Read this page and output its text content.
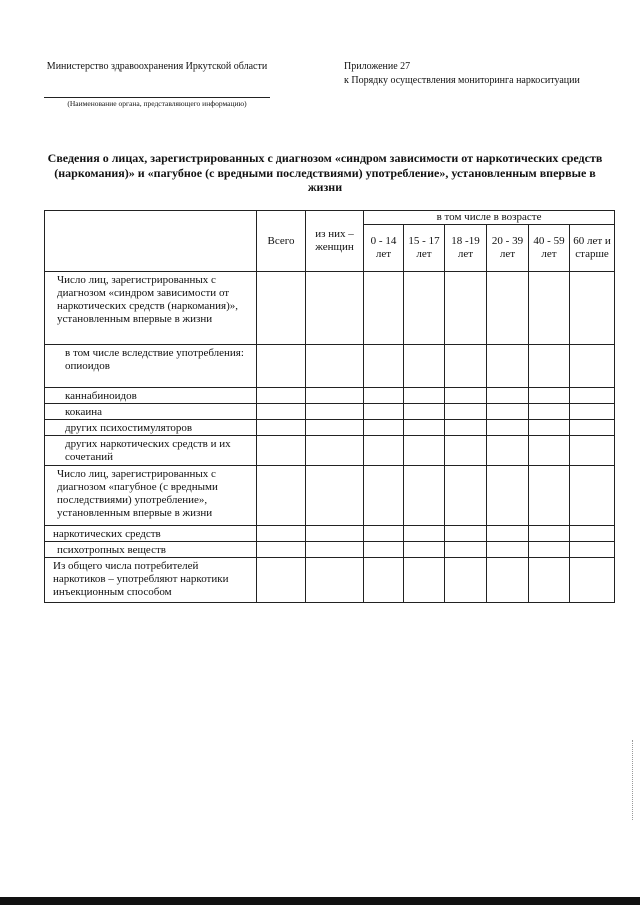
Министерство здравоохранения Иркутской области
(Наименование органа, представляющего информацию)
Приложение 27
к Порядку осуществления мониторинга наркоситуации
Сведения о лицах, зарегистрированных с диагнозом «синдром зависимости от наркотических средств (наркомания)» и «пагубное (с вредными последствиями) употребление», установленным впервые в жизни
	Всего	из них – женщин	в том числе в возрасте					
			0 - 14 лет	15 - 17 лет	18 -19 лет	20 - 39 лет	40 - 59 лет	60 лет и старше
Число лиц, зарегистрированных с диагнозом «синдром зависимости от наркотических средств (наркомания)», установленным впервые в жизни								
в том числе вследствие употребления: опиоидов								
каннабиноидов								
кокаина								
других психостимуляторов								
других наркотических средств и их сочетаний								
Число лиц, зарегистрированных с диагнозом «пагубное (с вредными последствиями) употребление», установленным впервые в жизни								
наркотических средств								
психотропных веществ								
Из общего числа потребителей наркотиков – употребляют наркотики инъекционным способом								
